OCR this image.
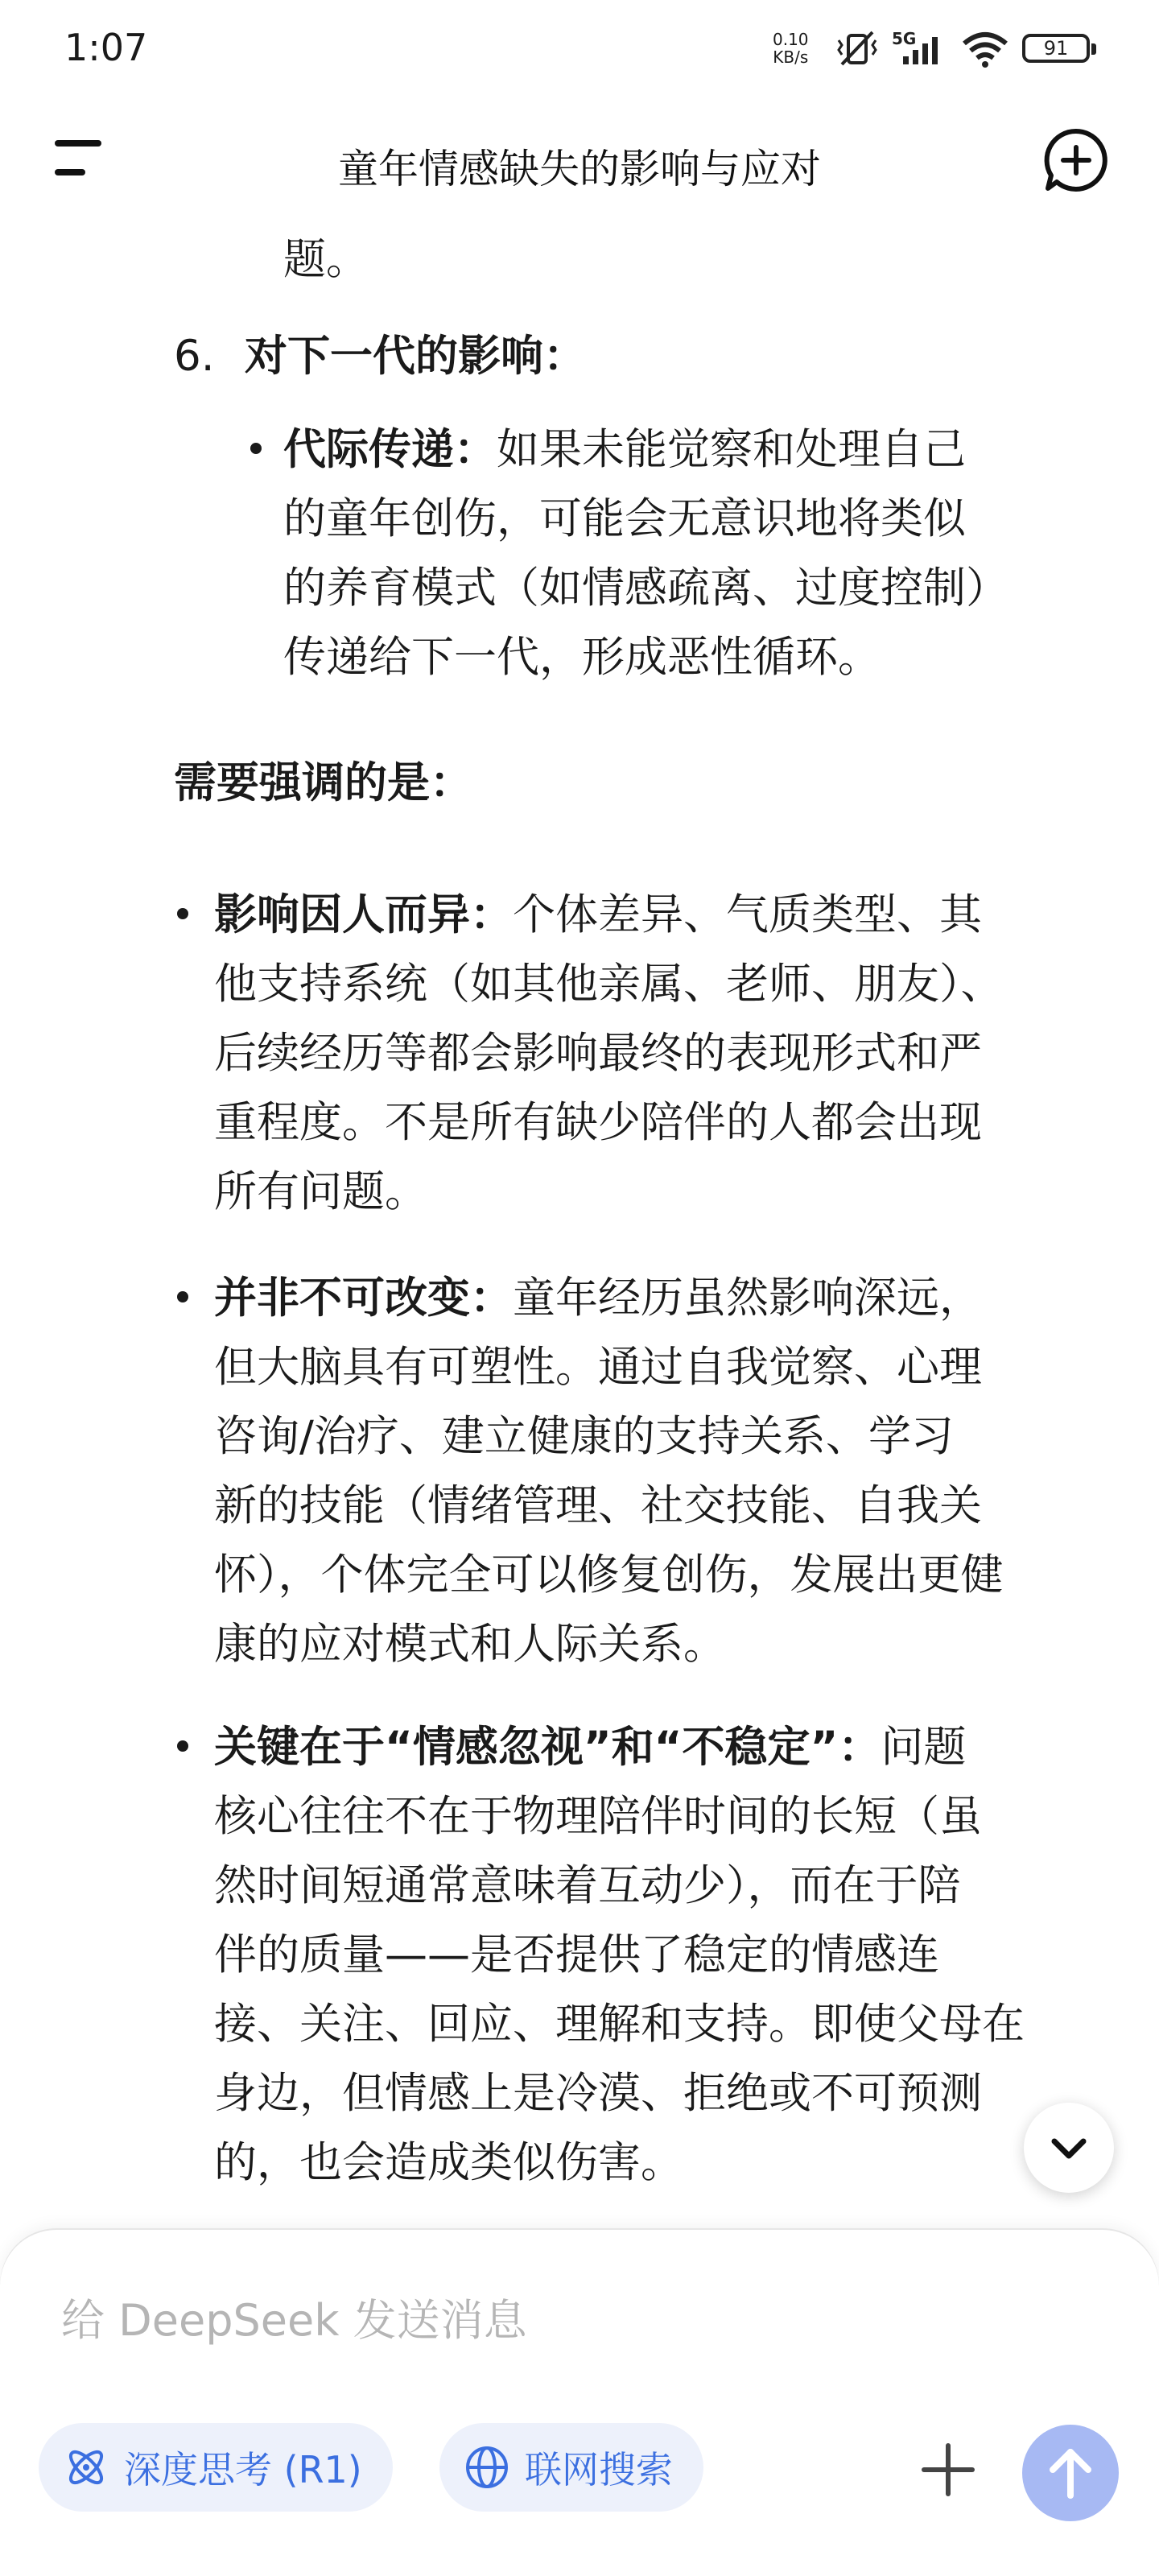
1:07	0.10
KB/s
5G	91
童年情感缺失的影响与应对
题。
6. 对下一代的影响：
代际传递：如果未能觉察和处理自己
的童年创伤，可能会无意识地将类似
的养育模式（如情感疏离、过度控制）
传递给下一代，形成恶性循环。
需要强调的是：
影响因人而异：个体差异、气质类型、其
他支持系统（如其他亲属、老师、朋友）、
后续经历等都会影响最终的表现形式和严
重程度。不是所有缺少陪伴的人都会出现
所有问题。
并非不可改变：童年经历虽然影响深远，
但大脑具有可塑性。通过自我觉察、心理
咨询/治疗、建立健康的支持关系、学习
新的技能（情绪管理、社交技能、自我关
怀），个体完全可以修复创伤，发展出更健
康的应对模式和人际关系。
关键在于“情感忽视”和“不稳定”：问题
核心往往不在于物理陪伴时间的长短（虽
然时间短通常意味着互动少），而在于陪
伴的质量——是否提供了稳定的情感连
接、关注、回应、理解和支持。即使父母在
身边，但情感上是冷漠、拒绝或不可预测
的，也会造成类似伤害。
给 DeepSeek 发送消息
深度思考 (R1)	联网搜索
